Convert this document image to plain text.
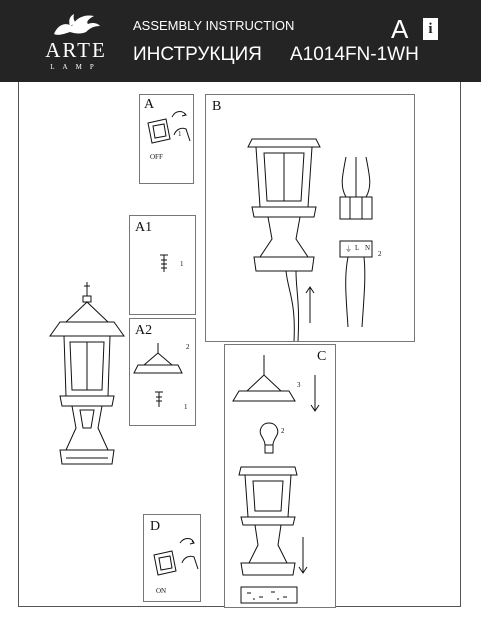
ARTE
LAMP
ASSEMBLY INSTRUCTION
ИНСТРУКЦИЯ A1014FN-1WH
A	i
A
1
OFF
A1
1
A2
2
1
B
⏚ L N
2
C
3
2
D
ON
